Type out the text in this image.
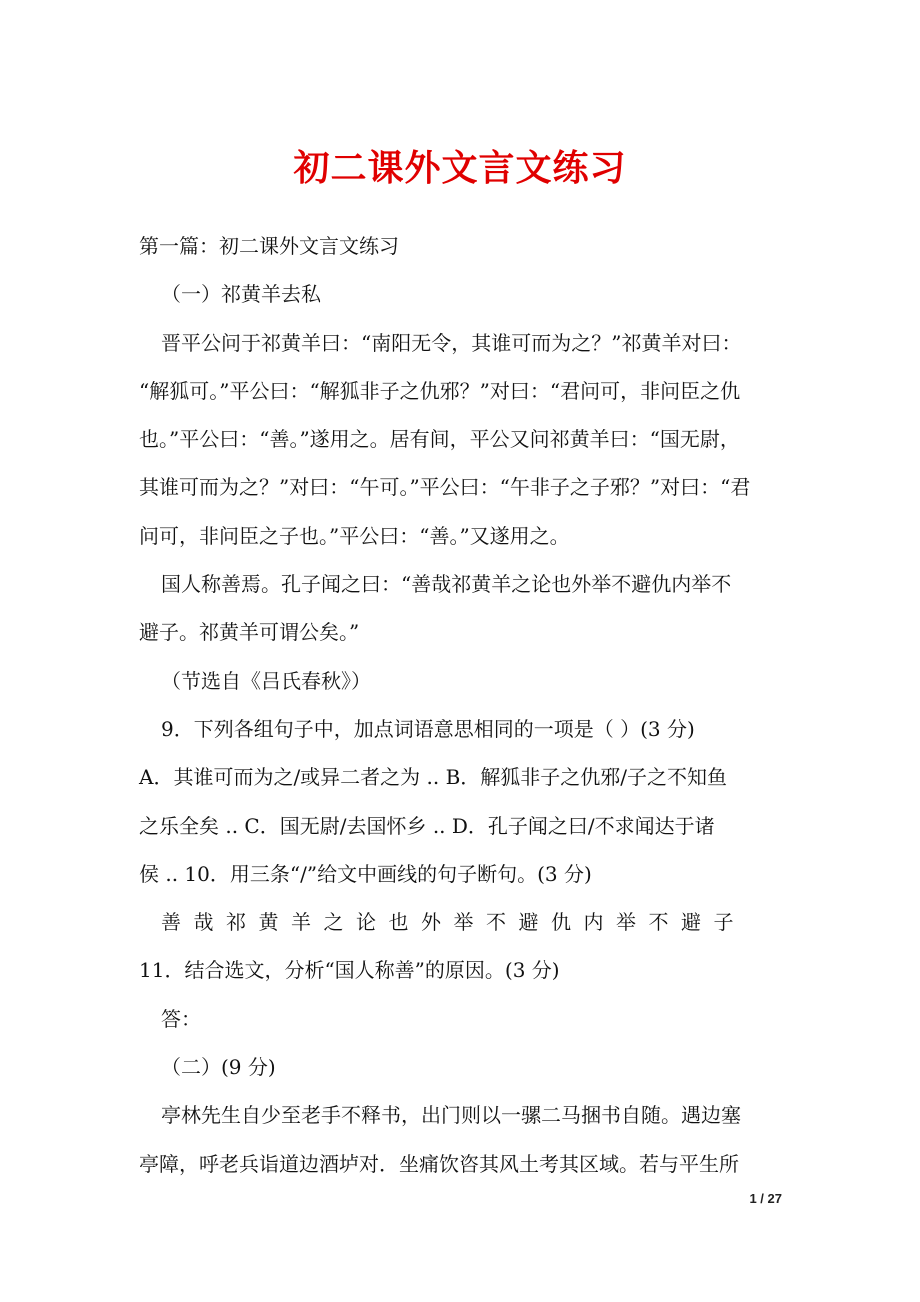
初二课外文言文练习
第一篇：初二课外文言文练习
（一）祁黄羊去私
晋平公问于祁黄羊曰：“南阳无令，其谁可而为之？”祁黄羊对曰：
“解狐可。”平公曰：“解狐非子之仇邪？”对曰：“君问可，非问臣之仇
也。”平公曰：“善。”遂用之。居有间，平公又问祁黄羊曰：“国无尉，
其谁可而为之？”对曰：“午可。”平公曰：“午非子之子邪？”对曰：“君
问可，非问臣之子也。”平公曰：“善。”又遂用之。
国人称善焉。孔子闻之曰：“善哉祁黄羊之论也外举不避仇内举不
避子。祁黄羊可谓公矣。”
（节选自《吕氏春秋》）
9．下列各组句子中，加点词语意思相同的一项是（ ）(3 分)
A．其谁可而为之/或异二者之为 .. B．解狐非子之仇邪/子之不知鱼
之乐全矣 .. C．国无尉/去国怀乡 .. D．孔子闻之曰/不求闻达于诸
侯 .. 10．用三条“/”给文中画线的句子断句。(3 分)
善哉祁黄羊之论也外举不避仇内举不避子
11．结合选文，分析“国人称善”的原因。(3 分)
答：
（二）(9 分)
亭林先生自少至老手不释书，出门则以一骡二马捆书自随。遇边塞
亭障，呼老兵诣道边酒垆对．坐痛饮咨其风土考其区域。若与平生所
1 / 27
